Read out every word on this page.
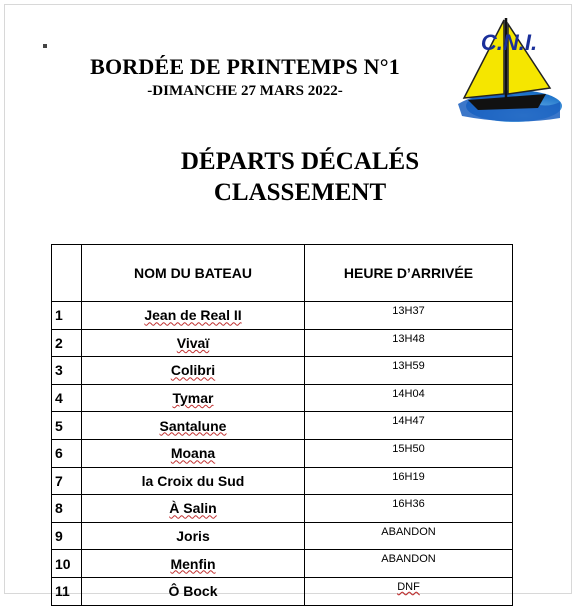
BORDÉE DE PRINTEMPS N°1
-DIMANCHE 27 MARS 2022-
C.N.I.
DÉPARTS DÉCALÉS
CLASSEMENT
	NOM DU BATEAU	HEURE D’ARRIVÉE
1	Jean de Real II	13H37
2	Vivaï	13H48
3	Colibri	13H59
4	Tymar	14H04
5	Santalune	14H47
6	Moana	15H50
7	la Croix du Sud	16H19
8	À Salin	16H36
9	Joris	ABANDON
10	Menfin	ABANDON
11	Ô Bock	DNF
